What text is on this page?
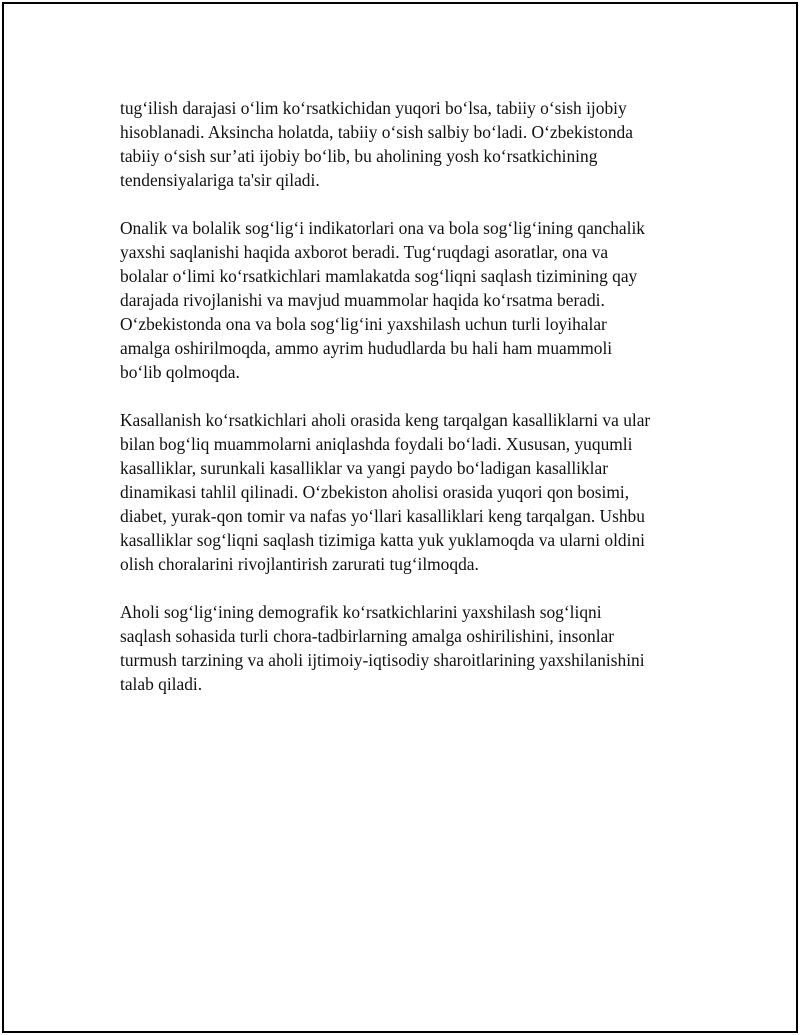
tug‘ilish darajasi o‘lim ko‘rsatkichidan yuqori bo‘lsa, tabiiy o‘sish ijobiy
hisoblanadi. Aksincha holatda, tabiiy o‘sish salbiy bo‘ladi. O‘zbekistonda
tabiiy o‘sish sur’ati ijobiy bo‘lib, bu aholining yosh ko‘rsatkichining
tendensiyalariga ta'sir qiladi.

Onalik va bolalik sog‘lig‘i indikatorlari ona va bola sog‘lig‘ining qanchalik
yaxshi saqlanishi haqida axborot beradi. Tug‘ruqdagi asoratlar, ona va
bolalar o‘limi ko‘rsatkichlari mamlakatda sog‘liqni saqlash tizimining qay
darajada rivojlanishi va mavjud muammolar haqida ko‘rsatma beradi.
O‘zbekistonda ona va bola sog‘lig‘ini yaxshilash uchun turli loyihalar
amalga oshirilmoqda, ammo ayrim hududlarda bu hali ham muammoli
bo‘lib qolmoqda.

Kasallanish ko‘rsatkichlari aholi orasida keng tarqalgan kasalliklarni va ular
bilan bog‘liq muammolarni aniqlashda foydali bo‘ladi. Xususan, yuqumli
kasalliklar, surunkali kasalliklar va yangi paydo bo‘ladigan kasalliklar
dinamikasi tahlil qilinadi. O‘zbekiston aholisi orasida yuqori qon bosimi,
diabet, yurak-qon tomir va nafas yo‘llari kasalliklari keng tarqalgan. Ushbu
kasalliklar sog‘liqni saqlash tizimiga katta yuk yuklamoqda va ularni oldini
olish choralarini rivojlantirish zarurati tug‘ilmoqda.

Aholi sog‘lig‘ining demografik ko‘rsatkichlarini yaxshilash sog‘liqni
saqlash sohasida turli chora-tadbirlarning amalga oshirilishini, insonlar
turmush tarzining va aholi ijtimoiy-iqtisodiy sharoitlarining yaxshilanishini
talab qiladi.
